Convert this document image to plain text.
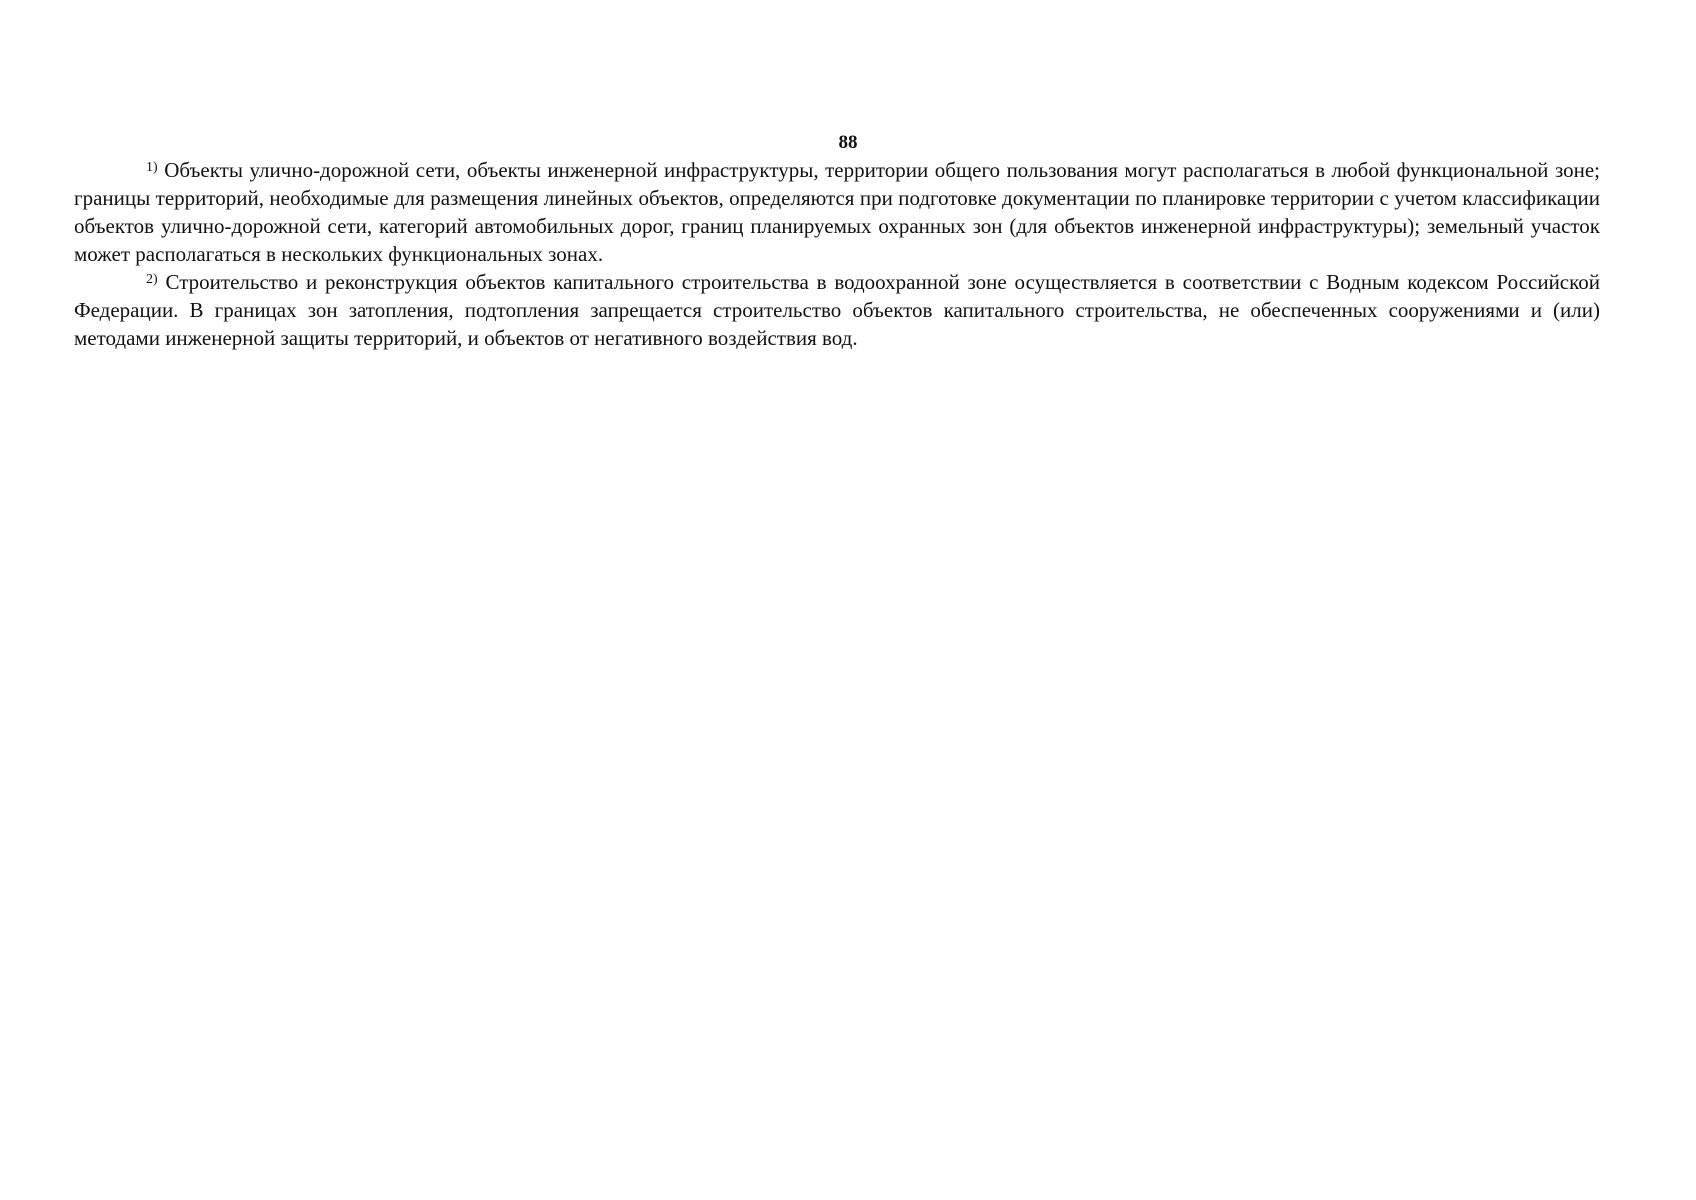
88

$^{1)}$ Объекты улично-дорожной сети, объекты инженерной инфраструктуры, территории общего пользования могут располагаться в любой функциональной зоне; границы территорий, необходимые для размещения линейных объектов, определяются при подготовке документации по планировке территории с учетом классификации объектов улично-дорожной сети, категорий автомобильных дорог, границ планируемых охранных зон (для объектов инженерной инфраструктуры); земельный участок может располагаться в нескольких функциональных зонах.

$^{2)}$ Строительство и реконструкция объектов капитального строительства в водоохранной зоне осуществляется в соответствии с Водным кодексом Российской Федерации. В границах зон затопления, подтопления запрещается строительство объектов капитального строительства, не обеспеченных сооружениями и (или) методами инженерной защиты территорий, и объектов от негативного воздействия вод.
